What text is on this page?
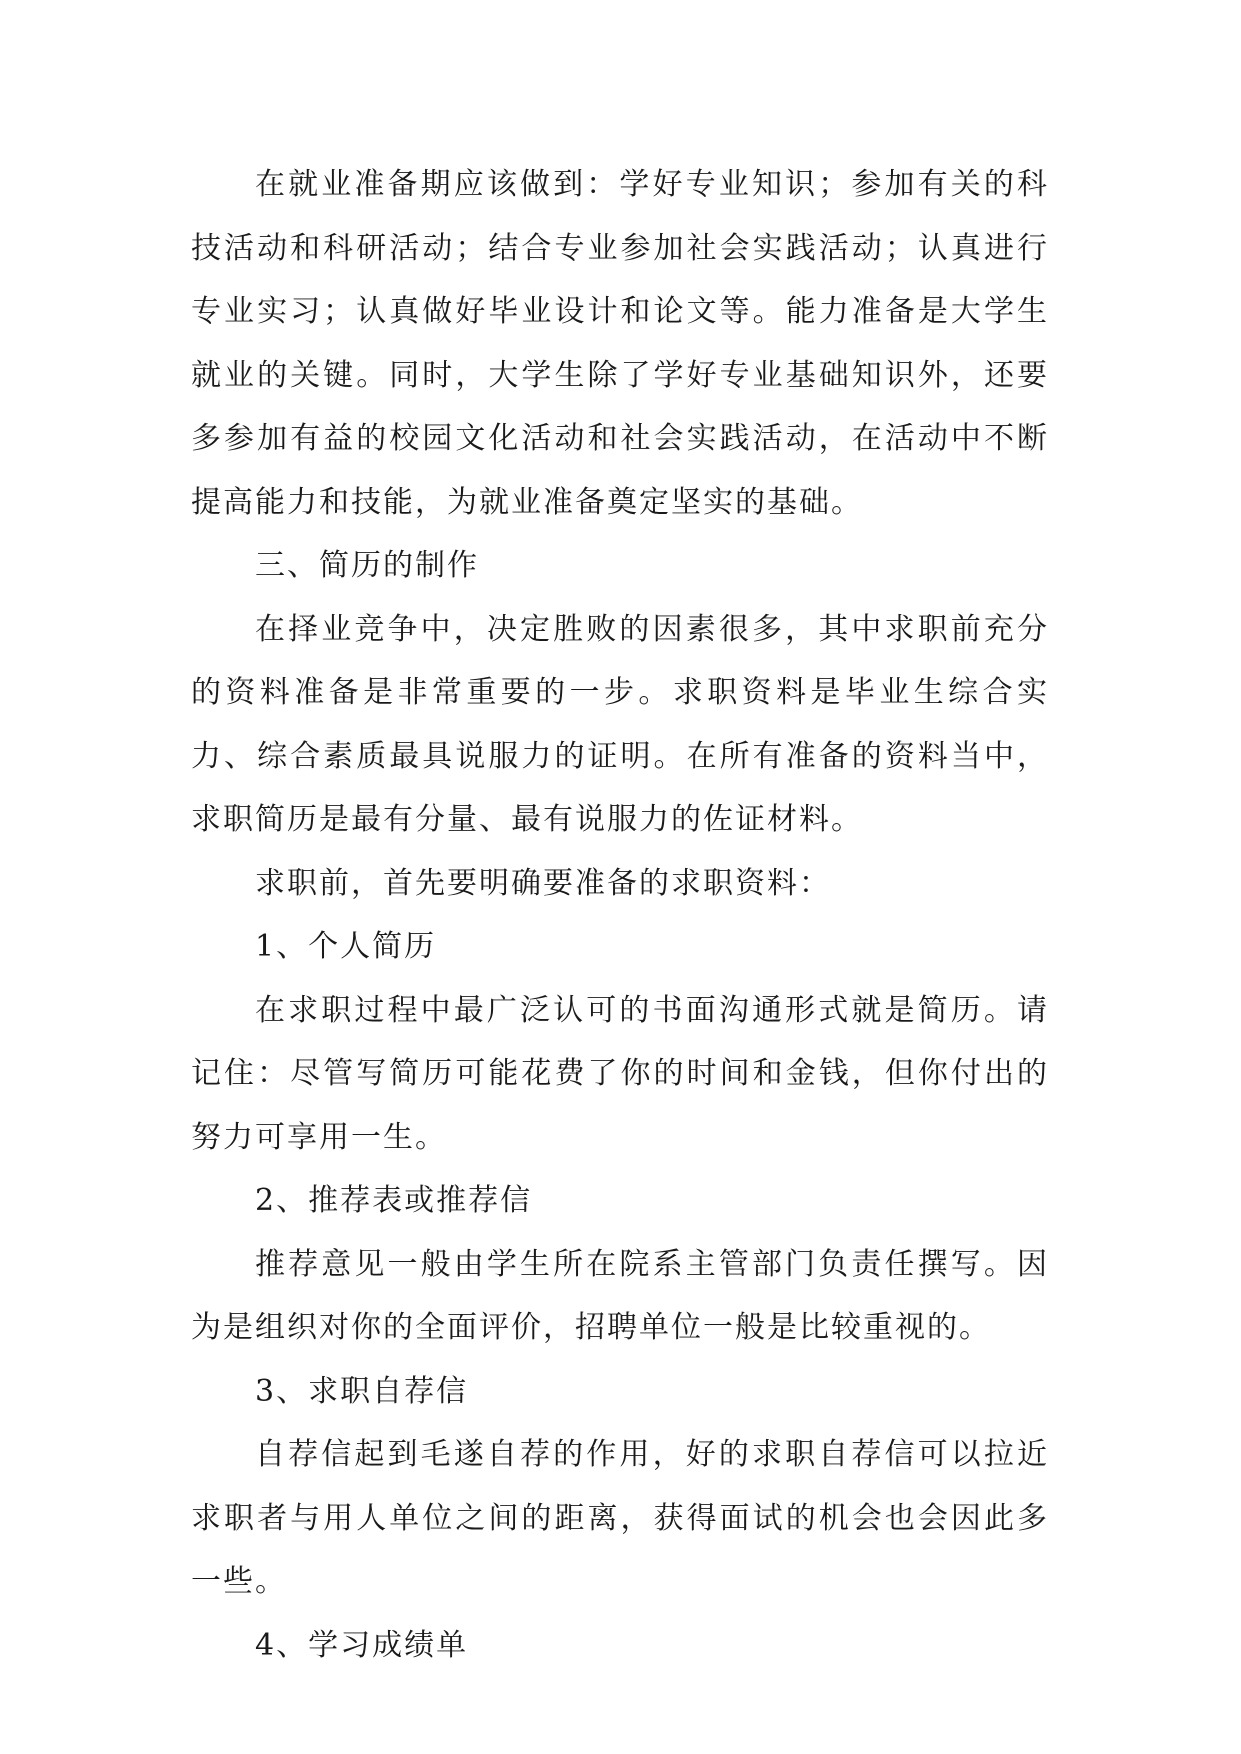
在就业准备期应该做到：学好专业知识；参加有关的科技活动和科研活动；结合专业参加社会实践活动；认真进行专业实习；认真做好毕业设计和论文等。能力准备是大学生就业的关键。同时，大学生除了学好专业基础知识外，还要多参加有益的校园文化活动和社会实践活动，在活动中不断提高能力和技能，为就业准备奠定坚实的基础。

三、简历的制作

在择业竞争中，决定胜败的因素很多，其中求职前充分的资料准备是非常重要的一步。求职资料是毕业生综合实力、综合素质最具说服力的证明。在所有准备的资料当中，求职简历是最有分量、最有说服力的佐证材料。

求职前，首先要明确要准备的求职资料：

1、个人简历

在求职过程中最广泛认可的书面沟通形式就是简历。请记住：尽管写简历可能花费了你的时间和金钱，但你付出的努力可享用一生。

2、推荐表或推荐信

推荐意见一般由学生所在院系主管部门负责任撰写。因为是组织对你的全面评价，招聘单位一般是比较重视的。

3、求职自荐信

自荐信起到毛遂自荐的作用，好的求职自荐信可以拉近求职者与用人单位之间的距离，获得面试的机会也会因此多一些。

4、学习成绩单
